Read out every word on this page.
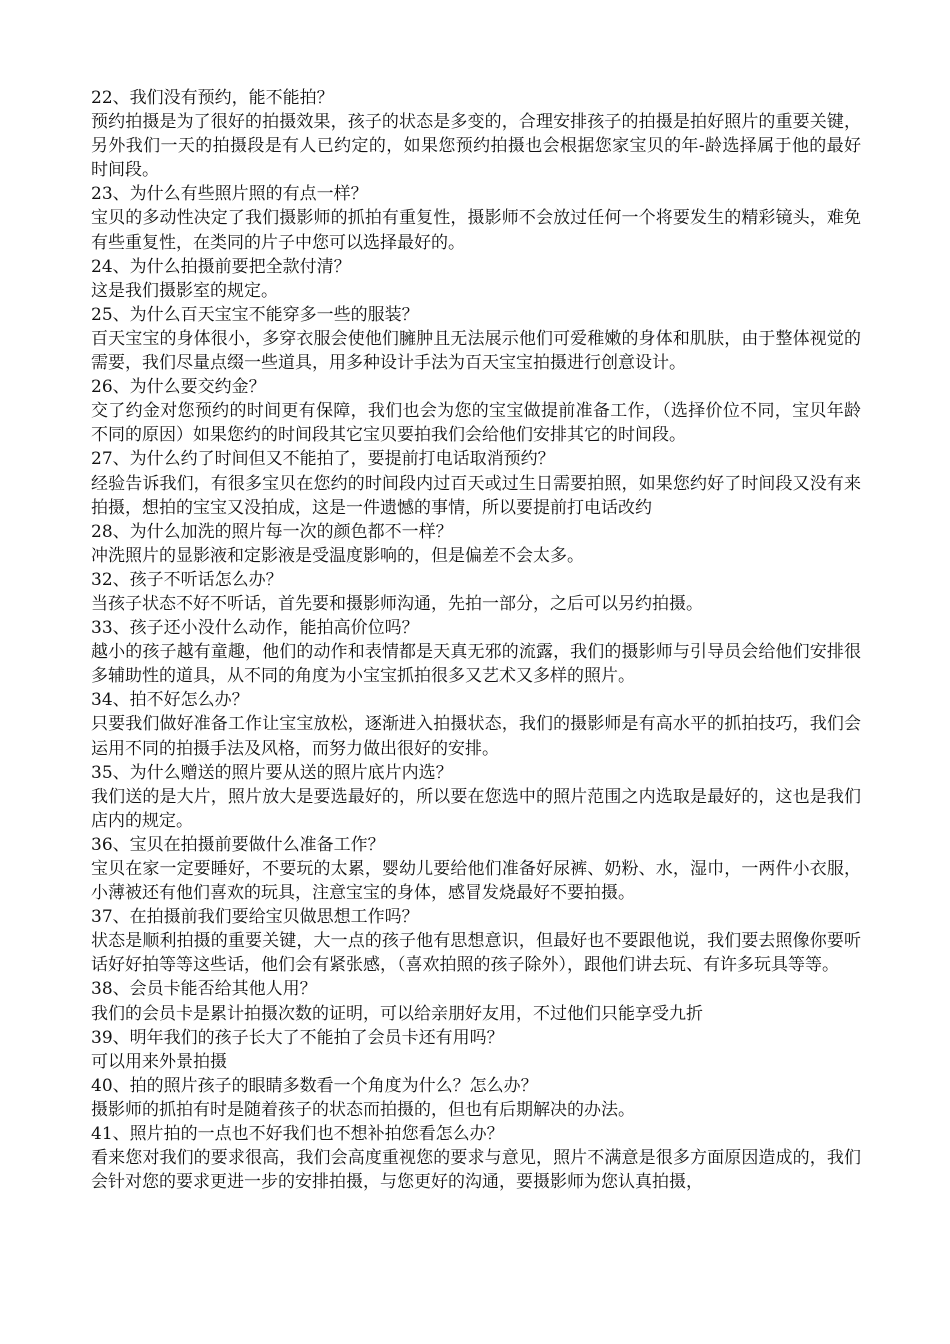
22、我们没有预约，能不能拍？

预约拍摄是为了很好的拍摄效果，孩子的状态是多变的，合理安排孩子的拍摄是拍好照片的重要关键，另外我们一天的拍摄段是有人已约定的，如果您预约拍摄也会根据您家宝贝的年-龄选择属于他的最好时间段。

23、为什么有些照片照的有点一样？

宝贝的多动性决定了我们摄影师的抓拍有重复性，摄影师不会放过任何一个将要发生的精彩镜头，难免有些重复性，在类同的片子中您可以选择最好的。

24、为什么拍摄前要把全款付清？

这是我们摄影室的规定。

25、为什么百天宝宝不能穿多一些的服装？

百天宝宝的身体很小，多穿衣服会使他们臃肿且无法展示他们可爱稚嫩的身体和肌肤，由于整体视觉的需要，我们尽量点缀一些道具，用多种设计手法为百天宝宝拍摄进行创意设计。

26、为什么要交约金？

交了约金对您预约的时间更有保障，我们也会为您的宝宝做提前准备工作，（选择价位不同，宝贝年龄不同的原因）如果您约的时间段其它宝贝要拍我们会给他们安排其它的时间段。

27、为什么约了时间但又不能拍了，要提前打电话取消预约？

经验告诉我们，有很多宝贝在您约的时间段内过百天或过生日需要拍照，如果您约好了时间段又没有来拍摄，想拍的宝宝又没拍成，这是一件遗憾的事情，所以要提前打电话改约

28、为什么加洗的照片每一次的颜色都不一样？

冲洗照片的显影液和定影液是受温度影响的，但是偏差不会太多。

32、孩子不听话怎么办？

当孩子状态不好不听话，首先要和摄影师沟通，先拍一部分，之后可以另约拍摄。

33、孩子还小没什么动作，能拍高价位吗？

越小的孩子越有童趣，他们的动作和表情都是天真无邪的流露，我们的摄影师与引导员会给他们安排很多辅助性的道具，从不同的角度为小宝宝抓拍很多又艺术又多样的照片。

34、拍不好怎么办？

只要我们做好准备工作让宝宝放松，逐渐进入拍摄状态，我们的摄影师是有高水平的抓拍技巧，我们会运用不同的拍摄手法及风格，而努力做出很好的安排。

35、为什么赠送的照片要从送的照片底片内选？

我们送的是大片，照片放大是要选最好的，所以要在您选中的照片范围之内选取是最好的，这也是我们店内的规定。

36、宝贝在拍摄前要做什么准备工作？

宝贝在家一定要睡好，不要玩的太累，婴幼儿要给他们准备好尿裤、奶粉、水，湿巾，一两件小衣服，小薄被还有他们喜欢的玩具，注意宝宝的身体，感冒发烧最好不要拍摄。

37、在拍摄前我们要给宝贝做思想工作吗？

状态是顺利拍摄的重要关键，大一点的孩子他有思想意识，但最好也不要跟他说，我们要去照像你要听话好好拍等等这些话，他们会有紧张感，（喜欢拍照的孩子除外），跟他们讲去玩、有许多玩具等等。

38、会员卡能否给其他人用？

我们的会员卡是累计拍摄次数的证明，可以给亲朋好友用，不过他们只能享受九折

39、明年我们的孩子长大了不能拍了会员卡还有用吗？

可以用来外景拍摄

40、拍的照片孩子的眼睛多数看一个角度为什么？怎么办？

摄影师的抓拍有时是随着孩子的状态而拍摄的，但也有后期解决的办法。

41、照片拍的一点也不好我们也不想补拍您看怎么办？

看来您对我们的要求很高，我们会高度重视您的要求与意见，照片不满意是很多方面原因造成的，我们会针对您的要求更进一步的安排拍摄，与您更好的沟通，要摄影师为您认真拍摄，
